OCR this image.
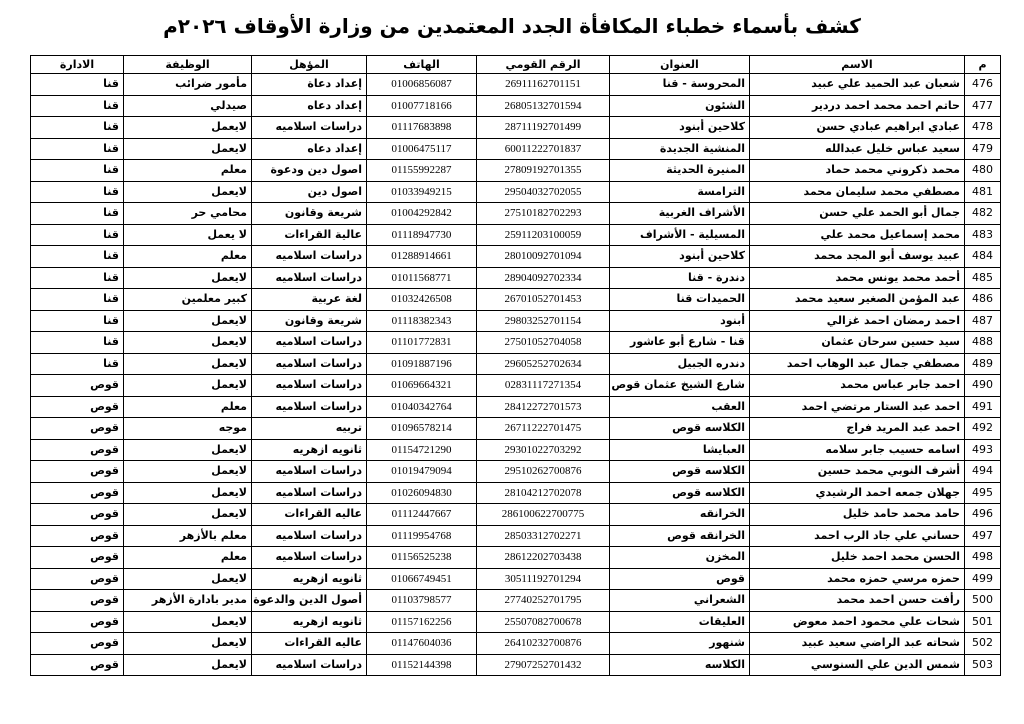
كشف بأسماء خطباء المكافأة الجدد المعتمدين من وزارة الأوقاف ٢٠٢٦م
م	الاسم	العنوان	الرقم القومي	الهاتف	المؤهل	الوظيفة	الادارة
476	شعبان عبد الحميد علي عبيد	المحروسة - قنا	26911162701151	01006856087	إعداد دعاة	مأمور ضرائب	قنا
477	حاتم احمد محمد احمد دردير	الشئون	26805132701594	01007718166	إعداد دعاه	صيدلي	قنا
478	عبادي ابراهيم عبادي حسن	كلاحين أبنود	28711192701499	01117683898	دراسات اسلاميه	لايعمل	قنا
479	سعيد عباس خليل عبدالله	المنشية الجديدة	60011222701837	01006475117	إعداد دعاه	لايعمل	قنا
480	محمد ذكروني محمد حماد	المنيرة الحديثة	27809192701355	01155992287	اصول دين ودعوة	معلم	قنا
481	مصطفي محمد سليمان محمد	الترامسة	29504032702055	01033949215	اصول دين	لايعمل	قنا
482	جمال أبو الحمد علي حسن	الأشراف الغربية	27510182702293	01004292842	شريعة وقانون	محامي حر	قنا
483	محمد إسماعيل محمد علي	المسيلية - الأشراف	25911203100059	01118947730	عالية القراءات	لا يعمل	قنا
484	عبيد يوسف أبو المجد محمد	كلاحين أبنود	28010092701094	01288914661	دراسات اسلاميه	معلم	قنا
485	أحمد محمد يونس محمد	دندرة - قنا	28904092702334	01011568771	دراسات اسلاميه	لايعمل	قنا
486	عبد المؤمن الصغير سعيد محمد	الحميدات قنا	26701052701453	01032426508	لغة عربية	كبير معلمين	قنا
487	احمد رمضان احمد غزالي	أبنود	29803252701154	01118382343	شريعة وقانون	لايعمل	قنا
488	سيد حسين سرحان عثمان	قنا - شارع أبو عاشور	27501052704058	01101772831	دراسات اسلاميه	لايعمل	قنا
489	مصطفي جمال عبد الوهاب احمد	دندره الجبيل	29605252702634	01091887196	دراسات اسلاميه	لايعمل	قنا
490	احمد جابر عباس محمد	شارع الشيخ عثمان قوص	02831117271354	01069664321	دراسات اسلاميه	لايعمل	قوص
491	احمد عبد الستار مرتضي احمد	العقب	28412272701573	01040342764	دراسات اسلاميه	معلم	قوص
492	احمد عبد المريد فراج	الكلاسه قوص	26711222701475	01096578214	تربيه	موجه	قوص
493	اسامه حسيب جابر سلامه	العبايشا	29301022703292	01154721290	ثانويه ازهريه	لايعمل	قوص
494	أشرف النوبي محمد حسين	الكلاسه قوص	29510262700876	01019479094	دراسات اسلاميه	لايعمل	قوص
495	جهلان جمعه احمد الرشيدي	الكلاسه قوص	28104212702078	01026094830	دراسات اسلاميه	لايعمل	قوص
496	حامد محمد حامد خليل	الخرانقه	286100622700775	01112447667	عاليه القراءات	لايعمل	قوص
497	حساني علي جاد الرب احمد	الخرانقه قوص	28503312702271	01119954768	دراسات اسلاميه	معلم بالأزهر	قوص
498	الحسن محمد احمد خليل	المخزن	28612202703438	01156525238	دراسات اسلاميه	معلم	قوص
499	حمزه مرسي حمزه محمد	قوص	30511192701294	01066749451	ثانويه ازهريه	لايعمل	قوص
500	رأفت حسن احمد محمد	الشعراني	27740252701795	01103798577	أصول الدين والدعوة	مدير بادارة الأزهر	قوص
501	شحات علي محمود احمد معوض	العليقات	25507082700678	01157162256	ثانويه ازهريه	لايعمل	قوص
502	شحاته عبد الراضي سعيد عبيد	شنهور	26410232700876	01147604036	عاليه القراءات	لايعمل	قوص
503	شمس الدين علي السنوسي	الكلاسه	27907252701432	01152144398	دراسات اسلاميه	لايعمل	قوص
